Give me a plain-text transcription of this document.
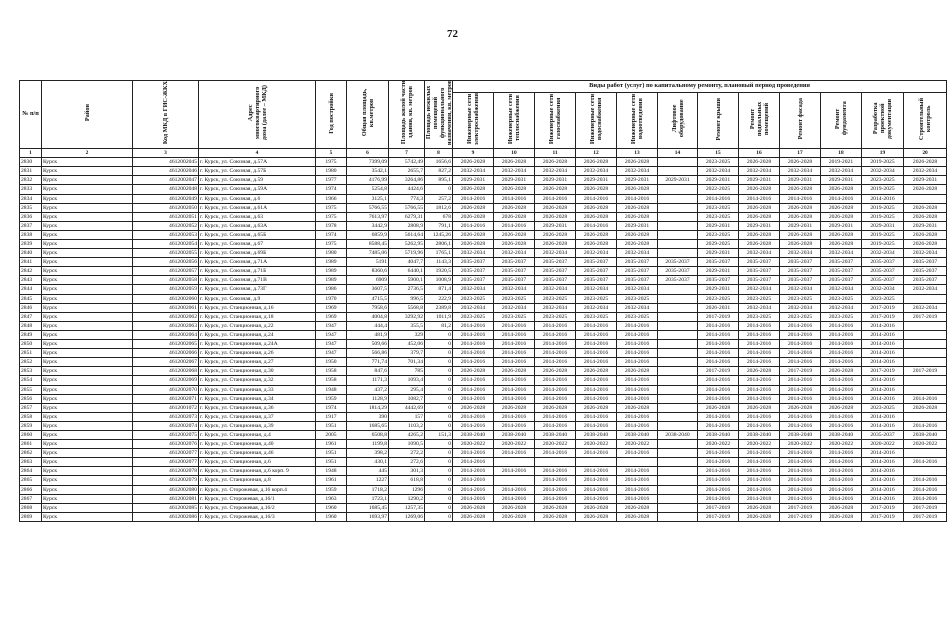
72
№ п/п	Район	Код МКД в ГИС-ЖКХ	Адрес многоквартирного дома (далее – МКД)	Год постройки	Общая площадь, кв.метров	Площадь жилой части здания, кв. метров	Площадь нежилых помещений функционального назначения, кв. метров	Виды работ (услуг) по капитальному ремонту, плановый период проведения											
								Инженерные сети электроснабжения	Инженерные сети теплоснабжения	Инженерные сети газоснабжения	Инженерные сети водоснабжения	Инженерные сети водоотведения	Лифтовое оборудование	Ремонт крыши	Ремонт подвальных помещений	Ремонт фасада	Ремонт фундамента	Разработка проектной документации	Строительный контроль
1	2	3	4	5	6	7	8	9	10	11	12	13	14	15	16	17	18	19	20
2830	Курск	4612002045	г. Курск, ул. Союзная, д.57А	1975	7399,09	5742,49	1656,6	2026-2028	2026-2028	2026-2028	2026-2028	2026-2028		2023-2025	2026-2028	2026-2028	2019-2021	2019-2025	2026-2028
2831	Курск	4612002046	г. Курск, ул. Союзная, д.57Б	1980	3542,1	2655,7	827,2	2032-2034	2032-2034	2032-2034	2032-2034	2032-2034		2032-2034	2032-2034	2032-2034	2032-2034	2032-2034	2032-2034
2832	Курск	4612002047	г. Курск, ул. Союзная, д.59	1977	4176,99	3264,86	895,1	2029-2031	2029-2031	2029-2031	2029-2031	2029-2031	2029-2031	2029-2031	2029-2031	2029-2031	2029-2031	2023-2025	2029-2031
2833	Курск	4612002048	г. Курск, ул. Союзная, д.59А	1974	5254,8	4424,6	0	2026-2028	2026-2028	2026-2028	2026-2028	2026-2028		2022-2025	2026-2028	2026-2028	2026-2028	2019-2025	2026-2028
2834	Курск	4612002049	г. Курск, ул. Союзная, д.6	1966	3125,1	774,3	257,2	2014-2016	2014-2016	2014-2016	2014-2016	2014-2016		2014-2016	2014-2016	2014-2016	2014-2016	2014-2016	
2835	Курск	4612002050	г. Курск, ул. Союзная, д.61А	1975	5766,55	5766,55	1812,6	2026-2028	2026-2028	2026-2028	2026-2028	2026-2028		2023-2025	2026-2028	2026-2028	2026-2028	2019-2025	2026-2028
2836	Курск	4612002051	г. Курск, ул. Союзная, д.63	1975	7613,97	6279,31	678	2026-2028	2026-2028	2026-2028	2026-2028	2026-2028		2023-2025	2026-2028	2026-2028	2026-2028	2019-2025	2026-2028
2837	Курск	4612002052	г. Курск, ул. Союзная, д.63А	1978	3442,9	2808,9	791,1	2014-2016	2014-2016	2029-2031	2014-2016	2029-2031		2029-2031	2029-2031	2029-2031	2029-2031	2029-2031	2029-2031
2838	Курск	4612002053	г. Курск, ул. Союзная, д.65Б	1974	6859,9	5614,64	1245,26	2026-2028	2026-2028	2026-2028	2026-2028	2026-2028		2023-2025	2026-2028	2026-2028	2026-2028	2019-2025	2026-2028
2839	Курск	4612002054	г. Курск, ул. Союзная, д.67	1975	8588,45	5262,95	2806,1	2026-2028	2026-2028	2026-2028	2026-2028	2026-2028		2029-2025	2026-2028	2026-2028	2026-2028	2019-2025	2026-2028
2840	Курск	4612002055	г. Курск, ул. Союзная, д.69Б	1980	7485,06	5719,96	1765,1	2032-2034	2032-2034	2032-2034	2032-2034	2032-2034		2029-2031	2032-2034	2032-2034	2032-2034	2032-2034	2032-2034
2841	Курск	4612002056	г. Курск, ул. Союзная, д.71А	1989	5191	4047,7	1143,3	2035-2037	2035-2037	2035-2037	2035-2037	2035-2037	2035-2037	2035-2037	2035-2037	2035-2037	2035-2037	2035-2037	2035-2037
2842	Курск	4612002057	г. Курск, ул. Союзная, д.71Б	1989	8360,6	6440,1	1920,5	2035-2037	2035-2037	2035-2037	2035-2037	2035-2037	2035-2037	2029-2031	2035-2037	2035-2037	2035-2037	2035-2037	2035-2037
2843	Курск	4612002058	г. Курск, ул. Союзная, д.71В	1989	6909	5900,1	1008,9	2035-2037	2035-2037	2035-2037	2035-2037	2035-2037	2035-2037	2035-2037	2035-2037	2035-2037	2035-2037	2035-2037	2035-2037
2844	Курск	4612002059	г. Курск, ул. Союзная, д.73Г	1986	3607,5	2736,5	871,4	2032-2034	2032-2034	2032-2034	2032-2034	2032-2034		2029-2031	2032-2034	2032-2034	2032-2034	2032-2034	2032-2034
2845	Курск	4612002060	г. Курск, ул. Союзная, д.9	1970	4715,5	996,5	222,9	2023-2025	2023-2025	2023-2025	2023-2025	2023-2025		2023-2025	2023-2025	2023-2025	2023-2025	2023-2025	
2846	Курск	4612002061	г. Курск, ул. Станционная, д.16	1969	7958,6	5568,8	2389,8	2032-2034	2032-2034	2032-2034	2032-2034	2032-2034		2026-2031	2032-2034	2032-2034	2032-2034	2017-2019	2032-2034
2847	Курск	4612002062	г. Курск, ул. Станционная, д.18	1969	4004,8	3292,92	1011,9	2023-2025	2023-2025	2023-2025	2023-2025	2023-2025		2017-2019	2023-2025	2023-2025	2023-2025	2017-2019	2017-2019
2848	Курск	4612002063	г. Курск, ул. Станционная, д.22	1947	444,4	355,5	81,2	2014-2016	2014-2016	2014-2016	2014-2016	2014-2016		2014-2016	2014-2016	2014-2016	2014-2016	2014-2016	
2849	Курск	4612002064	г. Курск, ул. Станционная, д.24	1947	481,9	329	0	2014-2016	2014-2016	2014-2016	2014-2016	2014-2016		2014-2016	2014-2016	2014-2016	2014-2016	2014-2016	
2850	Курск	4612002065	г. Курск, ул. Станционная, д.24А	1947	509,66	452,06	0	2014-2016	2014-2016	2014-2016	2014-2016	2014-2016		2014-2016	2014-2016	2014-2016	2014-2016	2014-2016	
2851	Курск	4612002066	г. Курск, ул. Станционная, д.26	1947	566,86	379,7	0	2014-2016	2014-2016	2014-2016	2014-2016	2014-2016		2014-2016	2014-2016	2014-2016	2014-2016	2014-2016	
2852	Курск	4612002067	г. Курск, ул. Станционная, д.27	1950	771,74	701,34	0	2014-2016	2014-2016	2014-2016	2014-2016	2014-2016		2014-2016	2014-2016	2014-2016	2014-2016	2014-2016	
2853	Курск	4612002068	г. Курск, ул. Станционная, д.30	1958	847,6	785	0	2026-2028	2026-2028	2026-2028	2026-2028	2026-2028		2017-2019	2026-2028	2017-2019	2026-2028	2017-2019	2017-2019
2854	Курск	4612002069	г. Курск, ул. Станционная, д.32	1958	1171,3	1093,4	0	2014-2016	2014-2016	2014-2016	2014-2016	2014-2016		2014-2016	2014-2016	2014-2016	2014-2016	2014-2016	
2855	Курск	4612002070	г. Курск, ул. Станционная, д.33	1948	437,2	295,4	0	2014-2016	2014-2016	2014-2016	2014-2016	2014-2016		2014-2016	2014-2016	2014-2016	2014-2016	2014-2016	
2856	Курск	4612002071	г. Курск, ул. Станционная, д.34	1959	1128,9	1082,7	0	2014-2016	2014-2016	2014-2016	2014-2016	2014-2016		2014-2016	2014-2016	2014-2016	2014-2016	2014-2016	2014-2016
2857	Курск	4612001072	г. Курск, ул. Станционная, д.36	1974	1814,29	4442,69	0	2026-2028	2026-2028	2026-2028	2026-2028	2026-2028		2026-2028	2026-2028	2026-2028	2026-2028	2023-2025	2026-2028
2858	Курск	4612002073	г. Курск, ул. Станционная, д.37	1917	390	157	0	2014-2016	2014-2016	2014-2016	2014-2016	2014-2016		2014-2016	2014-2016	2014-2016	2014-2016	2014-2016	
2859	Курск	4612002074	г. Курск, ул. Станционная, д.39	1951	1685,65	1103,2	0	2014-2016	2014-2016	2014-2016	2014-2016	2014-2016		2014-2016	2014-2016	2014-2016	2014-2016	2014-2016	2014-2016
2860	Курск	4612002075	г. Курск, ул. Станционная, д.4	2005	6508,8	4265,2	151,3	2038-2040	2038-2040	2038-2040	2038-2040	2038-2040	2038-2040	2038-2040	2038-2040	2038-2040	2038-2040	2035-2037	2038-2040
2861	Курск	4612002076	г. Курск, ул. Станционная, д.40	1961	1199,8	1090,5	0	2020-2022	2020-2022	2020-2022	2020-2022	2020-2022		2020-2022	2020-2022	2020-2022	2020-2022	2020-2022	2020-2022
2862	Курск	4612002077	г. Курск, ул. Станционная, д.46	1951	398,2	272,2	0	2014-2016	2014-2016	2014-2016	2014-2016	2014-2016		2014-2016	2014-2016	2014-2016	2014-2016	2014-2016	
2863	Курск	4612002077	г. Курск, ул. Станционная, д.6	1951	430,1	272,6	0	2014-2016						2014-2016	2014-2016	2014-2016	2014-2016	2014-2016	2014-2016
2864	Курск	4612002078	г. Курск, ул. Станционная, д.6 корп. 9	1948	445	301,3	0	2014-2016	2014-2016	2014-2016	2014-2016	2014-2016		2014-2016	2014-2016	2014-2016	2014-2016	2014-2016	
2865	Курск	4612002079	г. Курск, ул. Станционная, д.8	1961	1227	618,8	0	2014-2016		2014-2016	2014-2016	2014-2016		2014-2016	2014-2016	2014-2016	2014-2016	2014-2016	2014-2016
2866	Курск	4612002080	г. Курск, ул. Сторожевая, д.16 корп.4	1959	1718,2	1296	0	2014-2016	2014-2016	2014-2016	2014-2016	2014-2016		2014-2016	2014-2016	2014-2016	2014-2016	2014-2016	2014-2016
2867	Курск	4612002081	г. Курск, ул. Сторожевая, д.16/1	1963	1723,1	1290,2	0	2014-2016	2014-2016	2014-2016	2014-2016	2014-2016		2014-2016	2014-2018	2014-2016	2014-2016	2014-2016	2014-2016
2868	Курск	4612002085	г. Курск, ул. Сторожевая, д.16/2	1960	1685,45	1257,35	0	2026-2028	2026-2028	2026-2028	2026-2028	2026-2028		2017-2019	2026-2028	2017-2019	2026-2028	2017-2019	2017-2019
2869	Курск	4612002086	г. Курск, ул. Сторожевая, д.16/3	1960	1693,97	1269,06	0	2026-2028	2026-2028	2026-2028	2026-2028	2026-2028		2017-2019	2026-2028	2017-2019	2026-2028	2017-2019	2017-2019
